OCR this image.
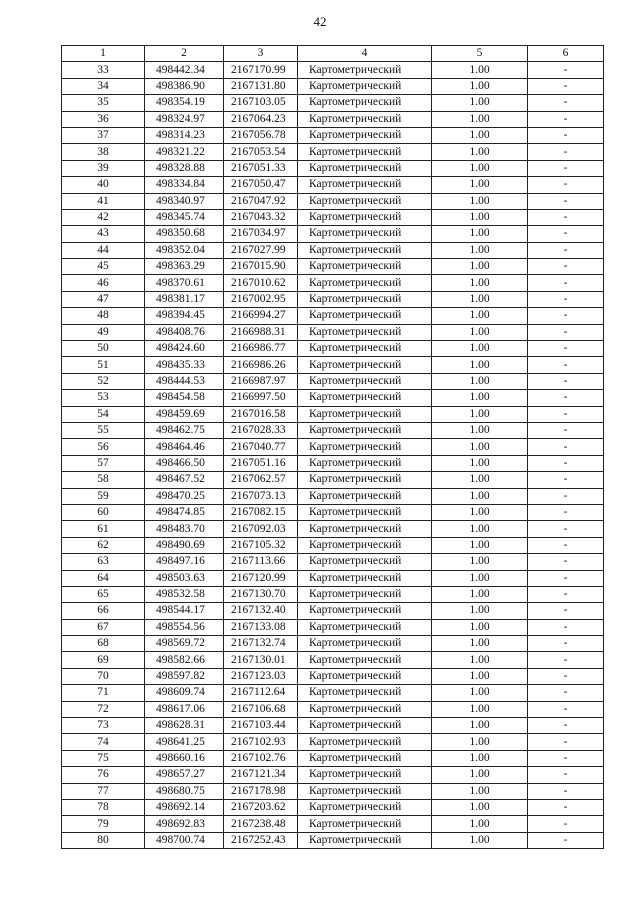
42
1	2	3	4	5	6
33	498442.34	2167170.99	Картометрический	1.00	-
34	498386.90	2167131.80	Картометрический	1.00	-
35	498354.19	2167103.05	Картометрический	1.00	-
36	498324.97	2167064.23	Картометрический	1.00	-
37	498314.23	2167056.78	Картометрический	1.00	-
38	498321.22	2167053.54	Картометрический	1.00	-
39	498328.88	2167051.33	Картометрический	1.00	-
40	498334.84	2167050.47	Картометрический	1.00	-
41	498340.97	2167047.92	Картометрический	1.00	-
42	498345.74	2167043.32	Картометрический	1.00	-
43	498350.68	2167034.97	Картометрический	1.00	-
44	498352.04	2167027.99	Картометрический	1.00	-
45	498363.29	2167015.90	Картометрический	1.00	-
46	498370.61	2167010.62	Картометрический	1.00	-
47	498381.17	2167002.95	Картометрический	1.00	-
48	498394.45	2166994.27	Картометрический	1.00	-
49	498408.76	2166988.31	Картометрический	1.00	-
50	498424.60	2166986.77	Картометрический	1.00	-
51	498435.33	2166986.26	Картометрический	1.00	-
52	498444.53	2166987.97	Картометрический	1.00	-
53	498454.58	2166997.50	Картометрический	1.00	-
54	498459.69	2167016.58	Картометрический	1.00	-
55	498462.75	2167028.33	Картометрический	1.00	-
56	498464.46	2167040.77	Картометрический	1.00	-
57	498466.50	2167051.16	Картометрический	1.00	-
58	498467.52	2167062.57	Картометрический	1.00	-
59	498470.25	2167073.13	Картометрический	1.00	-
60	498474.85	2167082.15	Картометрический	1.00	-
61	498483.70	2167092.03	Картометрический	1.00	-
62	498490.69	2167105.32	Картометрический	1.00	-
63	498497.16	2167113.66	Картометрический	1.00	-
64	498503.63	2167120.99	Картометрический	1.00	-
65	498532.58	2167130.70	Картометрический	1.00	-
66	498544.17	2167132.40	Картометрический	1.00	-
67	498554.56	2167133.08	Картометрический	1.00	-
68	498569.72	2167132.74	Картометрический	1.00	-
69	498582.66	2167130.01	Картометрический	1.00	-
70	498597.82	2167123.03	Картометрический	1.00	-
71	498609.74	2167112.64	Картометрический	1.00	-
72	498617.06	2167106.68	Картометрический	1.00	-
73	498628.31	2167103.44	Картометрический	1.00	-
74	498641.25	2167102.93	Картометрический	1.00	-
75	498660.16	2167102.76	Картометрический	1.00	-
76	498657.27	2167121.34	Картометрический	1.00	-
77	498680.75	2167178.98	Картометрический	1.00	-
78	498692.14	2167203.62	Картометрический	1.00	-
79	498692.83	2167238.48	Картометрический	1.00	-
80	498700.74	2167252.43	Картометрический	1.00	-
